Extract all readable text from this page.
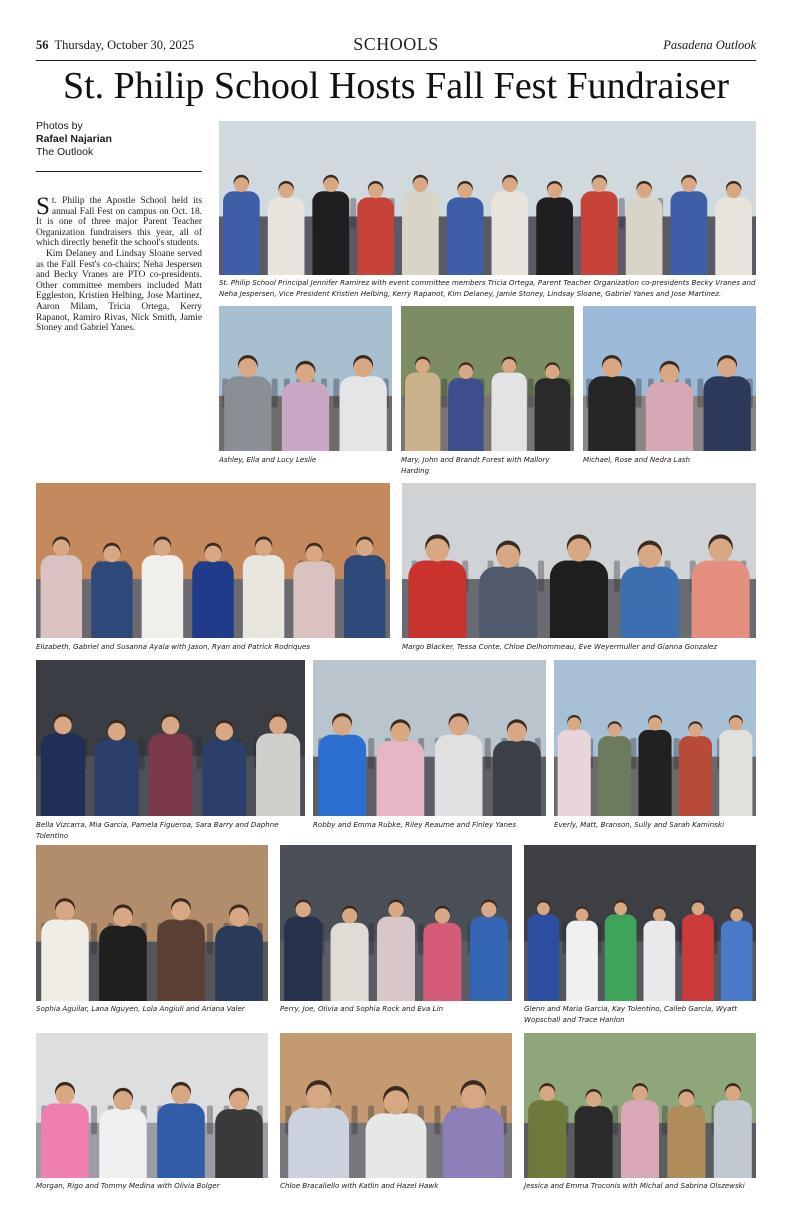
56 Thursday, October 30, 2025	SCHOOLS	Pasadena Outlook
St. Philip School Hosts Fall Fest Fundraiser
Photos by
Rafael Najarian
The Outlook

St. Philip the Apostle School held its annual Fall Fest on campus on Oct. 18. It is one of three major Parent Teacher Organization fundraisers this year, all of which directly benefit the school's students.

Kim Delaney and Lindsay Sloane served as the Fall Fest's co-chairs; Neha Jespersen and Becky Vranes are PTO co-presidents. Other committee members included Matt Eggleston, Kristien Helbing, Jose Martinez, Aaron Milam, Tricia Ortega, Kerry Rapanot, Ramiro Rivas, Nick Smith, Jamie Stoney and Gabriel Yanes.

St. Philip School Principal Jennifer Ramirez with event committee members Tricia Ortega, Parent Teacher Organization co-presidents Becky Vranes and Neha Jespersen, Vice President Kristien Helbing, Kerry Rapanot, Kim Delaney, Jamie Stoney, Lindsay Sloane, Gabriel Yanes and Jose Martinez.
Ashley, Ella and Lucy Leslie	Mary, John and Brandt Forest with Mallory Harding
Michael, Rose and Nedra Lash
Elizabeth, Gabriel and Susanna Ayala with Jason, Ryan and Patrick Rodriques	Margo Blacker, Tessa Conte, Chloe Delhommeau, Eve Weyermuller and Gianna Gonzalez
Bella Vizcarra, Mia Garcia, Pamela Figueroa, Sara Barry and Daphne Tolentino
Robby and Emma Rubke, Riley Reaume and Finley Yanes	Everly, Matt, Branson, Sully and Sarah Kaminski
Sophia Aguilar, Lana Nguyen, Lola Angiuli and Ariana Valer	Perry, Joe, Olivia and Sophia Rock and Eva Lin	Glenn and Maria Garcia, Kay Tolentino, Caileb Garcia, Wyatt Wopschall and Trace Hanlon
Morgan, Rigo and Tommy Medina with Olivia Bolger	Chloe Bracaliello with Katlin and Hazel Hawk	Jessica and Emma Troconis with Michal and Sabrina Olszewski
